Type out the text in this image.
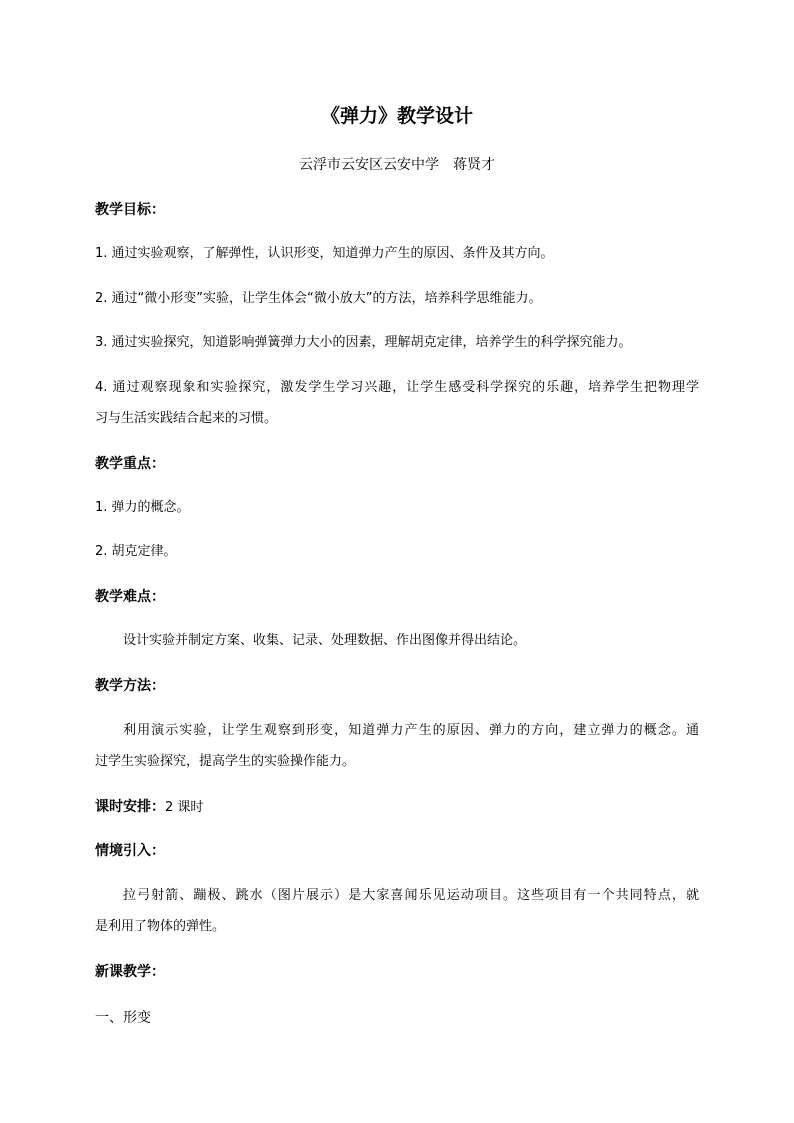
《弹力》教学设计
云浮市云安区云安中学　蒋贤才
教学目标：
1. 通过实验观察，了解弹性，认识形变，知道弹力产生的原因、条件及其方向。
2. 通过“微小形变”实验，让学生体会“微小放大”的方法，培养科学思维能力。
3. 通过实验探究，知道影响弹簧弹力大小的因素，理解胡克定律，培养学生的科学探究能力。
4. 通过观察现象和实验探究，激发学生学习兴趣，让学生感受科学探究的乐趣，培养学生把物理学
习与生活实践结合起来的习惯。
教学重点：
1. 弹力的概念。
2. 胡克定律。
教学难点：
设计实验并制定方案、收集、记录、处理数据、作出图像并得出结论。
教学方法：
利用演示实验，让学生观察到形变，知道弹力产生的原因、弹力的方向，建立弹力的概念。通
过学生实验探究，提高学生的实验操作能力。
课时安排：2 课时
情境引入：
拉弓射箭、蹦极、跳水（图片展示）是大家喜闻乐见运动项目。这些项目有一个共同特点，就
是利用了物体的弹性。
新课教学：
一、形变
